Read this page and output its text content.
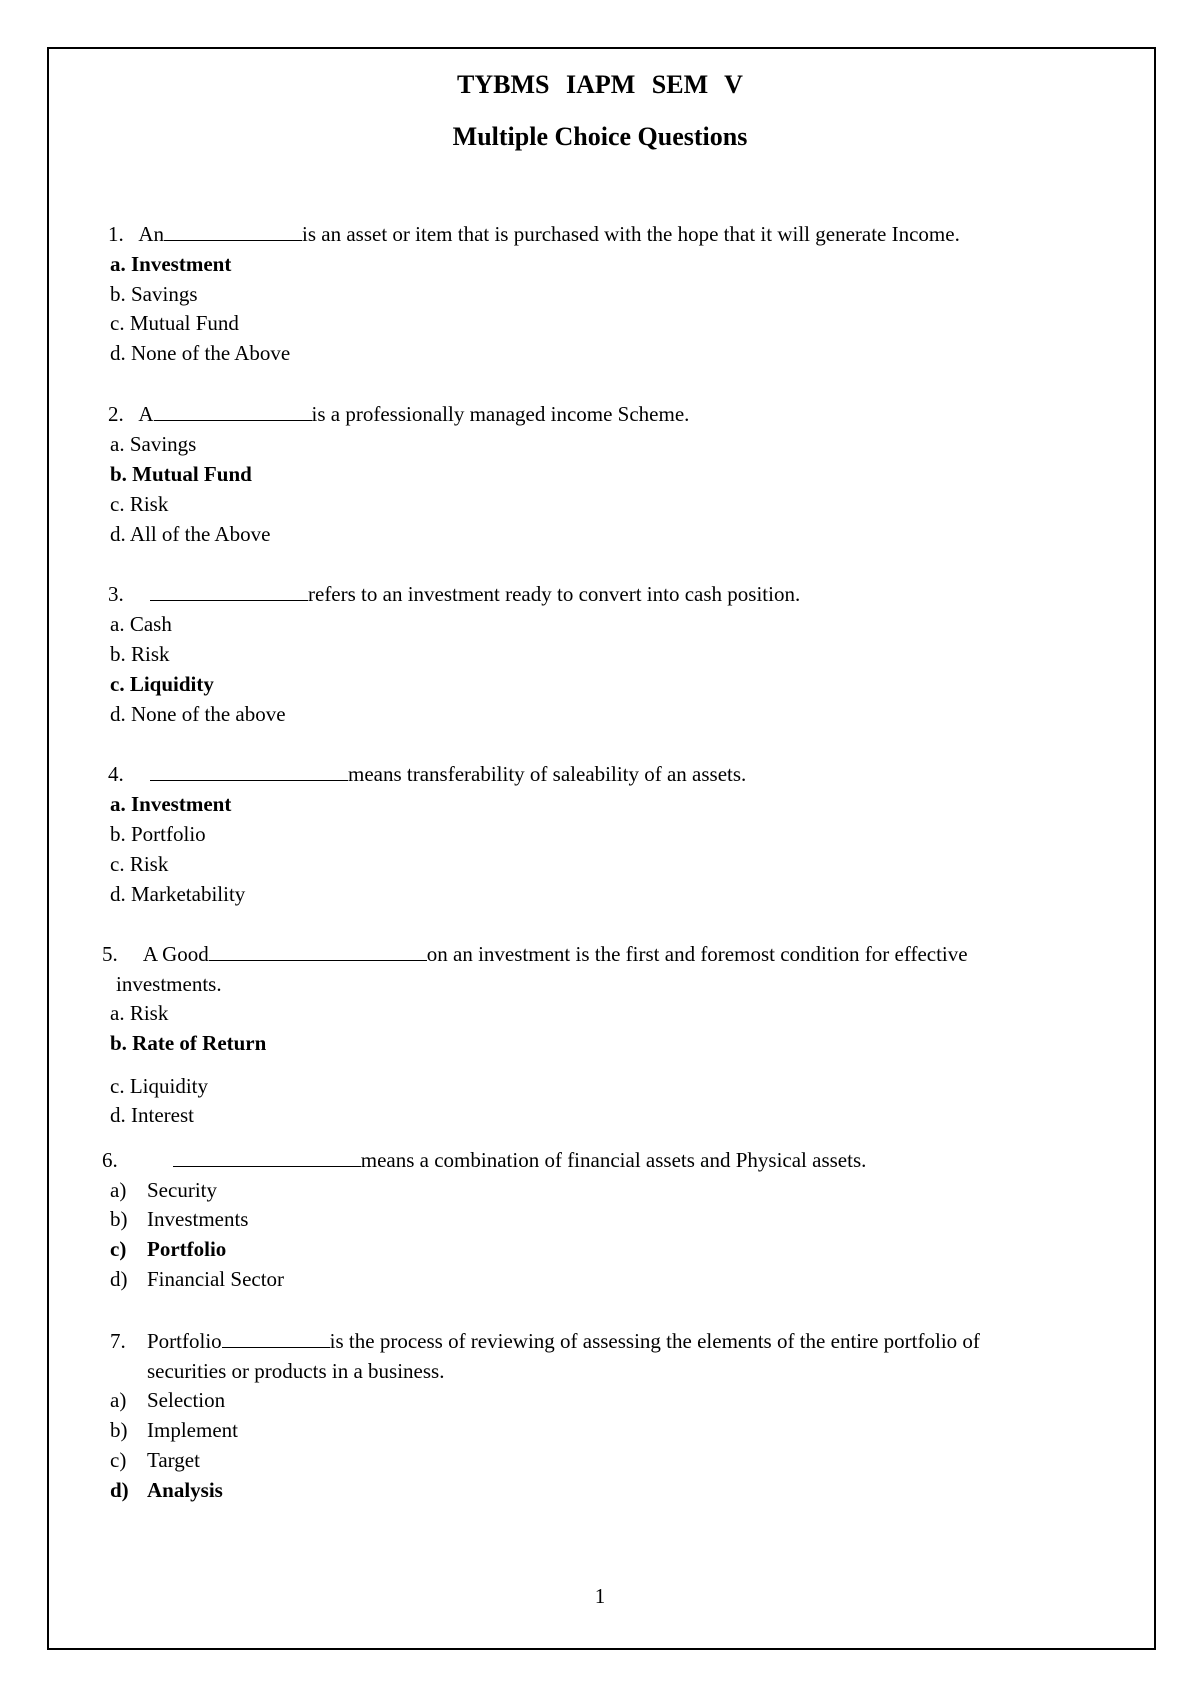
TYBMS IAPM SEM V
Multiple Choice Questions
1. An	is an asset or item that is purchased with the hope that it will generate Income.
a. Investment
b. Savings
c. Mutual Fund
d. None of the Above
2. A	is a professionally managed income Scheme.
a. Savings
b. Mutual Fund
c. Risk
d. All of the Above
3.	refers to an investment ready to convert into cash position.
a. Cash
b. Risk
c. Liquidity
d. None of the above
4.	means transferability of saleability of an assets.
a. Investment
b. Portfolio
c. Risk
d. Marketability
5. A Good	on an investment is the first and foremost condition for effective
investments.
a. Risk
b. Rate of Return
c. Liquidity
d. Interest
6.	means a combination of financial assets and Physical assets.
a) Security
b) Investments
c) Portfolio
d) Financial Sector
7. Portfolio	is the process of reviewing of assessing the elements of the entire portfolio of
securities or products in a business.
a) Selection
b) Implement
c) Target
d) Analysis
1
